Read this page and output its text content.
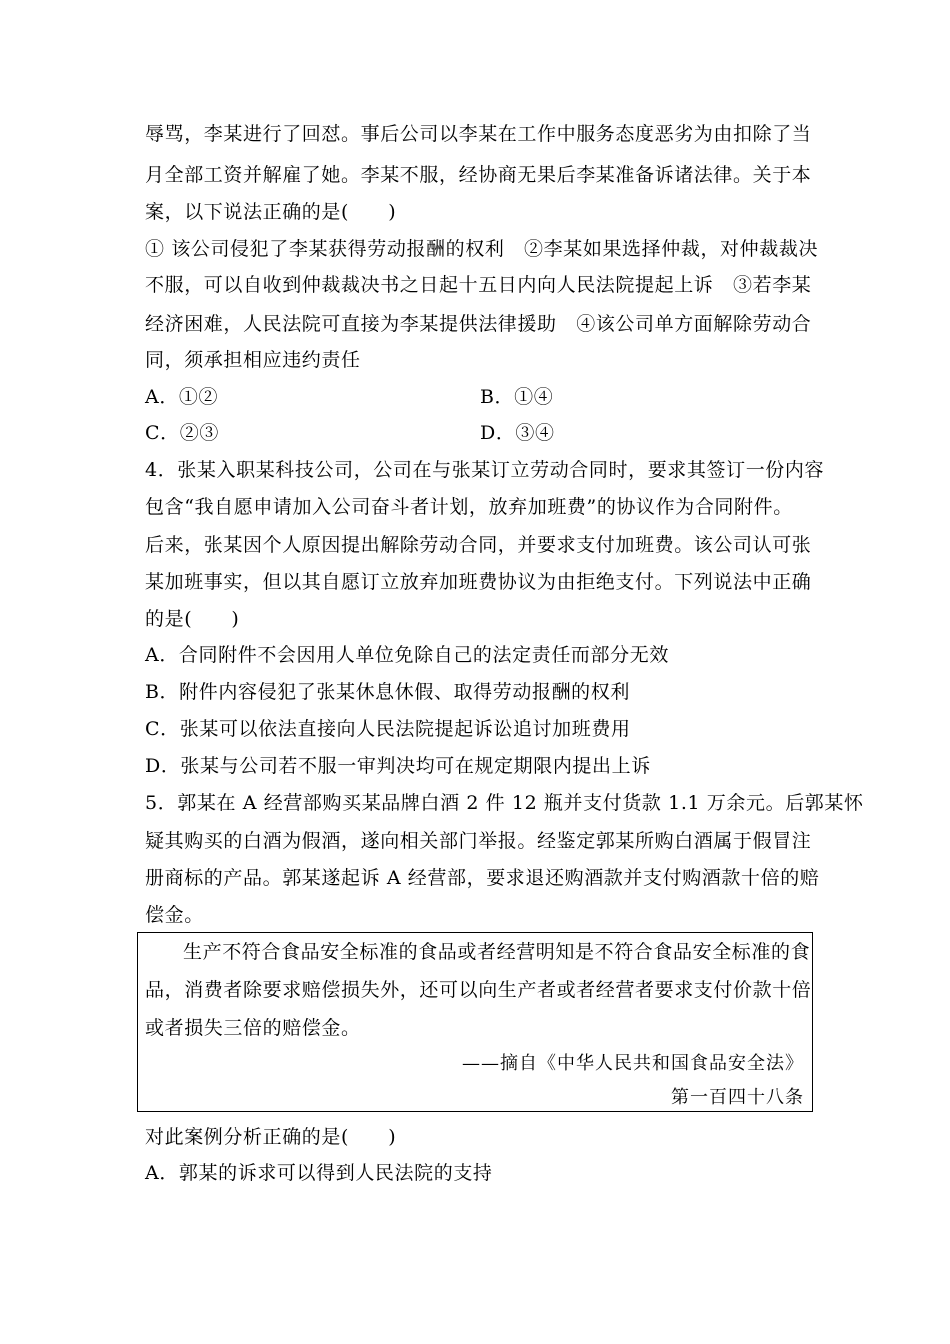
辱骂，李某进行了回怼。事后公司以李某在工作中服务态度恶劣为由扣除了当
月全部工资并解雇了她。李某不服，经协商无果后李某准备诉诸法律。关于本
案，以下说法正确的是(　　)
① 该公司侵犯了李某获得劳动报酬的权利　②李某如果选择仲裁，对仲裁裁决
不服，可以自收到仲裁裁决书之日起十五日内向人民法院提起上诉　③若李某
经济困难，人民法院可直接为李某提供法律援助　④该公司单方面解除劳动合
同，须承担相应违约责任
A．①②	B．①④
C．②③	D．③④
4．张某入职某科技公司，公司在与张某订立劳动合同时，要求其签订一份内容
包含“我自愿申请加入公司奋斗者计划，放弃加班费”的协议作为合同附件。
后来，张某因个人原因提出解除劳动合同，并要求支付加班费。该公司认可张
某加班事实，但以其自愿订立放弃加班费协议为由拒绝支付。下列说法中正确
的是(　　)
A．合同附件不会因用人单位免除自己的法定责任而部分无效
B．附件内容侵犯了张某休息休假、取得劳动报酬的权利
C．张某可以依法直接向人民法院提起诉讼追讨加班费用
D．张某与公司若不服一审判决均可在规定期限内提出上诉
5．郭某在 A 经营部购买某品牌白酒 2 件 12 瓶并支付货款 1.1 万余元。后郭某怀
疑其购买的白酒为假酒，遂向相关部门举报。经鉴定郭某所购白酒属于假冒注
册商标的产品。郭某遂起诉 A 经营部，要求退还购酒款并支付购酒款十倍的赔
偿金。
生产不符合食品安全标准的食品或者经营明知是不符合食品安全标准的食
品，消费者除要求赔偿损失外，还可以向生产者或者经营者要求支付价款十倍
或者损失三倍的赔偿金。
——摘自《中华人民共和国食品安全法》
第一百四十八条
对此案例分析正确的是(　　)
A．郭某的诉求可以得到人民法院的支持
